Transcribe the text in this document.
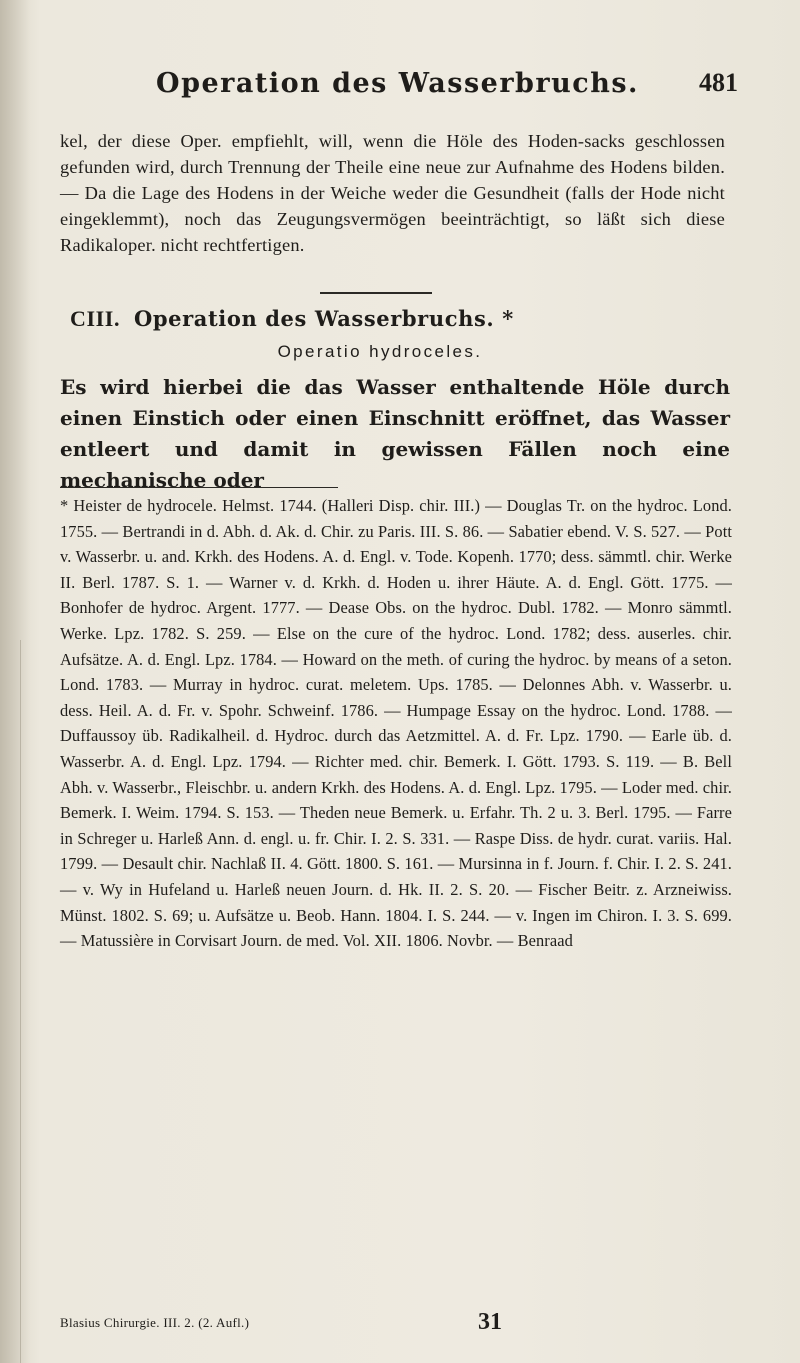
Operation des Wasserbruchs.	481
kel, der diese Oper. empfiehlt, will, wenn die Höle des Hoden-sacks geschlossen gefunden wird, durch Trennung der Theile eine neue zur Aufnahme des Hodens bilden. — Da die Lage des Hodens in der Weiche weder die Gesundheit (falls der Hode nicht eingeklemmt), noch das Zeugungsvermögen beeinträchtigt, so läßt sich diese Radikaloper. nicht rechtfertigen.
CIII. Operation des Wasserbruchs. *
Operatio hydroceles.
Es wird hierbei die das Wasser enthaltende Höle durch einen Einstich oder einen Einschnitt eröffnet, das Wasser entleert und damit in gewissen Fällen noch eine mechanische oder
* Heister de hydrocele. Helmst. 1744. (Halleri Disp. chir. III.) — Douglas Tr. on the hydroc. Lond. 1755. — Bertrandi in d. Abh. d. Ak. d. Chir. zu Paris. III. S. 86. — Sabatier ebend. V. S. 527. — Pott v. Wasserbr. u. and. Krkh. des Hodens. A. d. Engl. v. Tode. Kopenh. 1770; dess. sämmtl. chir. Werke II. Berl. 1787. S. 1. — Warner v. d. Krkh. d. Hoden u. ihrer Häute. A. d. Engl. Gött. 1775. — Bonhofer de hydroc. Argent. 1777. — Dease Obs. on the hydroc. Dubl. 1782. — Monro sämmtl. Werke. Lpz. 1782. S. 259. — Else on the cure of the hydroc. Lond. 1782; dess. auserles. chir. Aufsätze. A. d. Engl. Lpz. 1784. — Howard on the meth. of curing the hydroc. by means of a seton. Lond. 1783. — Murray in hydroc. curat. meletem. Ups. 1785. — Delonnes Abh. v. Wasserbr. u. dess. Heil. A. d. Fr. v. Spohr. Schweinf. 1786. — Humpage Essay on the hydroc. Lond. 1788. — Duffaussoy üb. Radikalheil. d. Hydroc. durch das Aetzmittel. A. d. Fr. Lpz. 1790. — Earle üb. d. Wasserbr. A. d. Engl. Lpz. 1794. — Richter med. chir. Bemerk. I. Gött. 1793. S. 119. — B. Bell Abh. v. Wasserbr., Fleischbr. u. andern Krkh. des Hodens. A. d. Engl. Lpz. 1795. — Loder med. chir. Bemerk. I. Weim. 1794. S. 153. — Theden neue Bemerk. u. Erfahr. Th. 2 u. 3. Berl. 1795. — Farre in Schreger u. Harleß Ann. d. engl. u. fr. Chir. I. 2. S. 331. — Raspe Diss. de hydr. curat. variis. Hal. 1799. — Desault chir. Nachlaß II. 4. Gött. 1800. S. 161. — Mursinna in f. Journ. f. Chir. I. 2. S. 241. — v. Wy in Hufeland u. Harleß neuen Journ. d. Hk. II. 2. S. 20. — Fischer Beitr. z. Arzneiwiss. Münst. 1802. S. 69; u. Aufsätze u. Beob. Hann. 1804. I. S. 244. — v. Ingen im Chiron. I. 3. S. 699. — Matussière in Corvisart Journ. de med. Vol. XII. 1806. Novbr. — Benraad
Blasius Chirurgie. III. 2. (2. Aufl.)	31
